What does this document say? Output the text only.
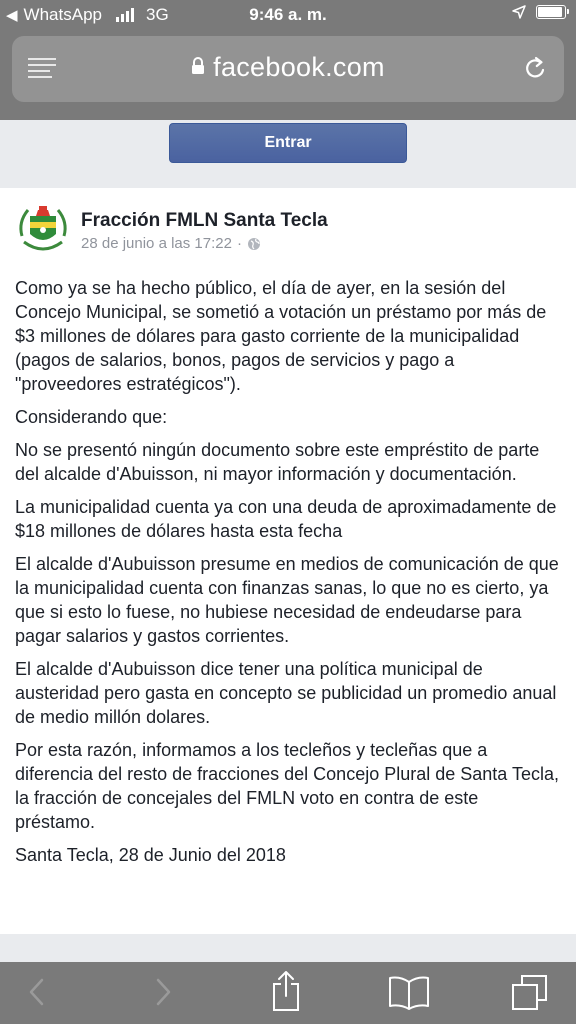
◀ WhatsApp	3G	9:46 a. m.
facebook.com
Entrar
Fracción FMLN Santa Tecla
28 de junio a las 17:22 ·

Como ya se ha hecho público, el día de ayer, en la sesión del Concejo Municipal, se sometió a votación un préstamo por más de $3 millones de dólares para gasto corriente de la municipalidad (pagos de salarios, bonos, pagos de servicios y pago a "proveedores estratégicos").

Considerando que:

No se presentó ningún documento sobre este empréstito de parte del alcalde d'Abuisson, ni mayor información y documentación.

La municipalidad cuenta ya con una deuda de aproximadamente de $18 millones de dólares hasta esta fecha

El alcalde d'Aubuisson presume en medios de comunicación de que la municipalidad cuenta con finanzas sanas, lo que no es cierto, ya que si esto lo fuese, no hubiese necesidad de endeudarse para pagar salarios y gastos corrientes.

El alcalde d'Aubuisson dice tener una política municipal de austeridad pero gasta en concepto se publicidad un promedio anual de medio millón dolares.

Por esta razón, informamos a los tecleños y tecleñas que a diferencia del resto de fracciones del Concejo Plural de Santa Tecla, la fracción de concejales del FMLN voto en contra de este préstamo.

Santa Tecla, 28 de Junio del 2018
